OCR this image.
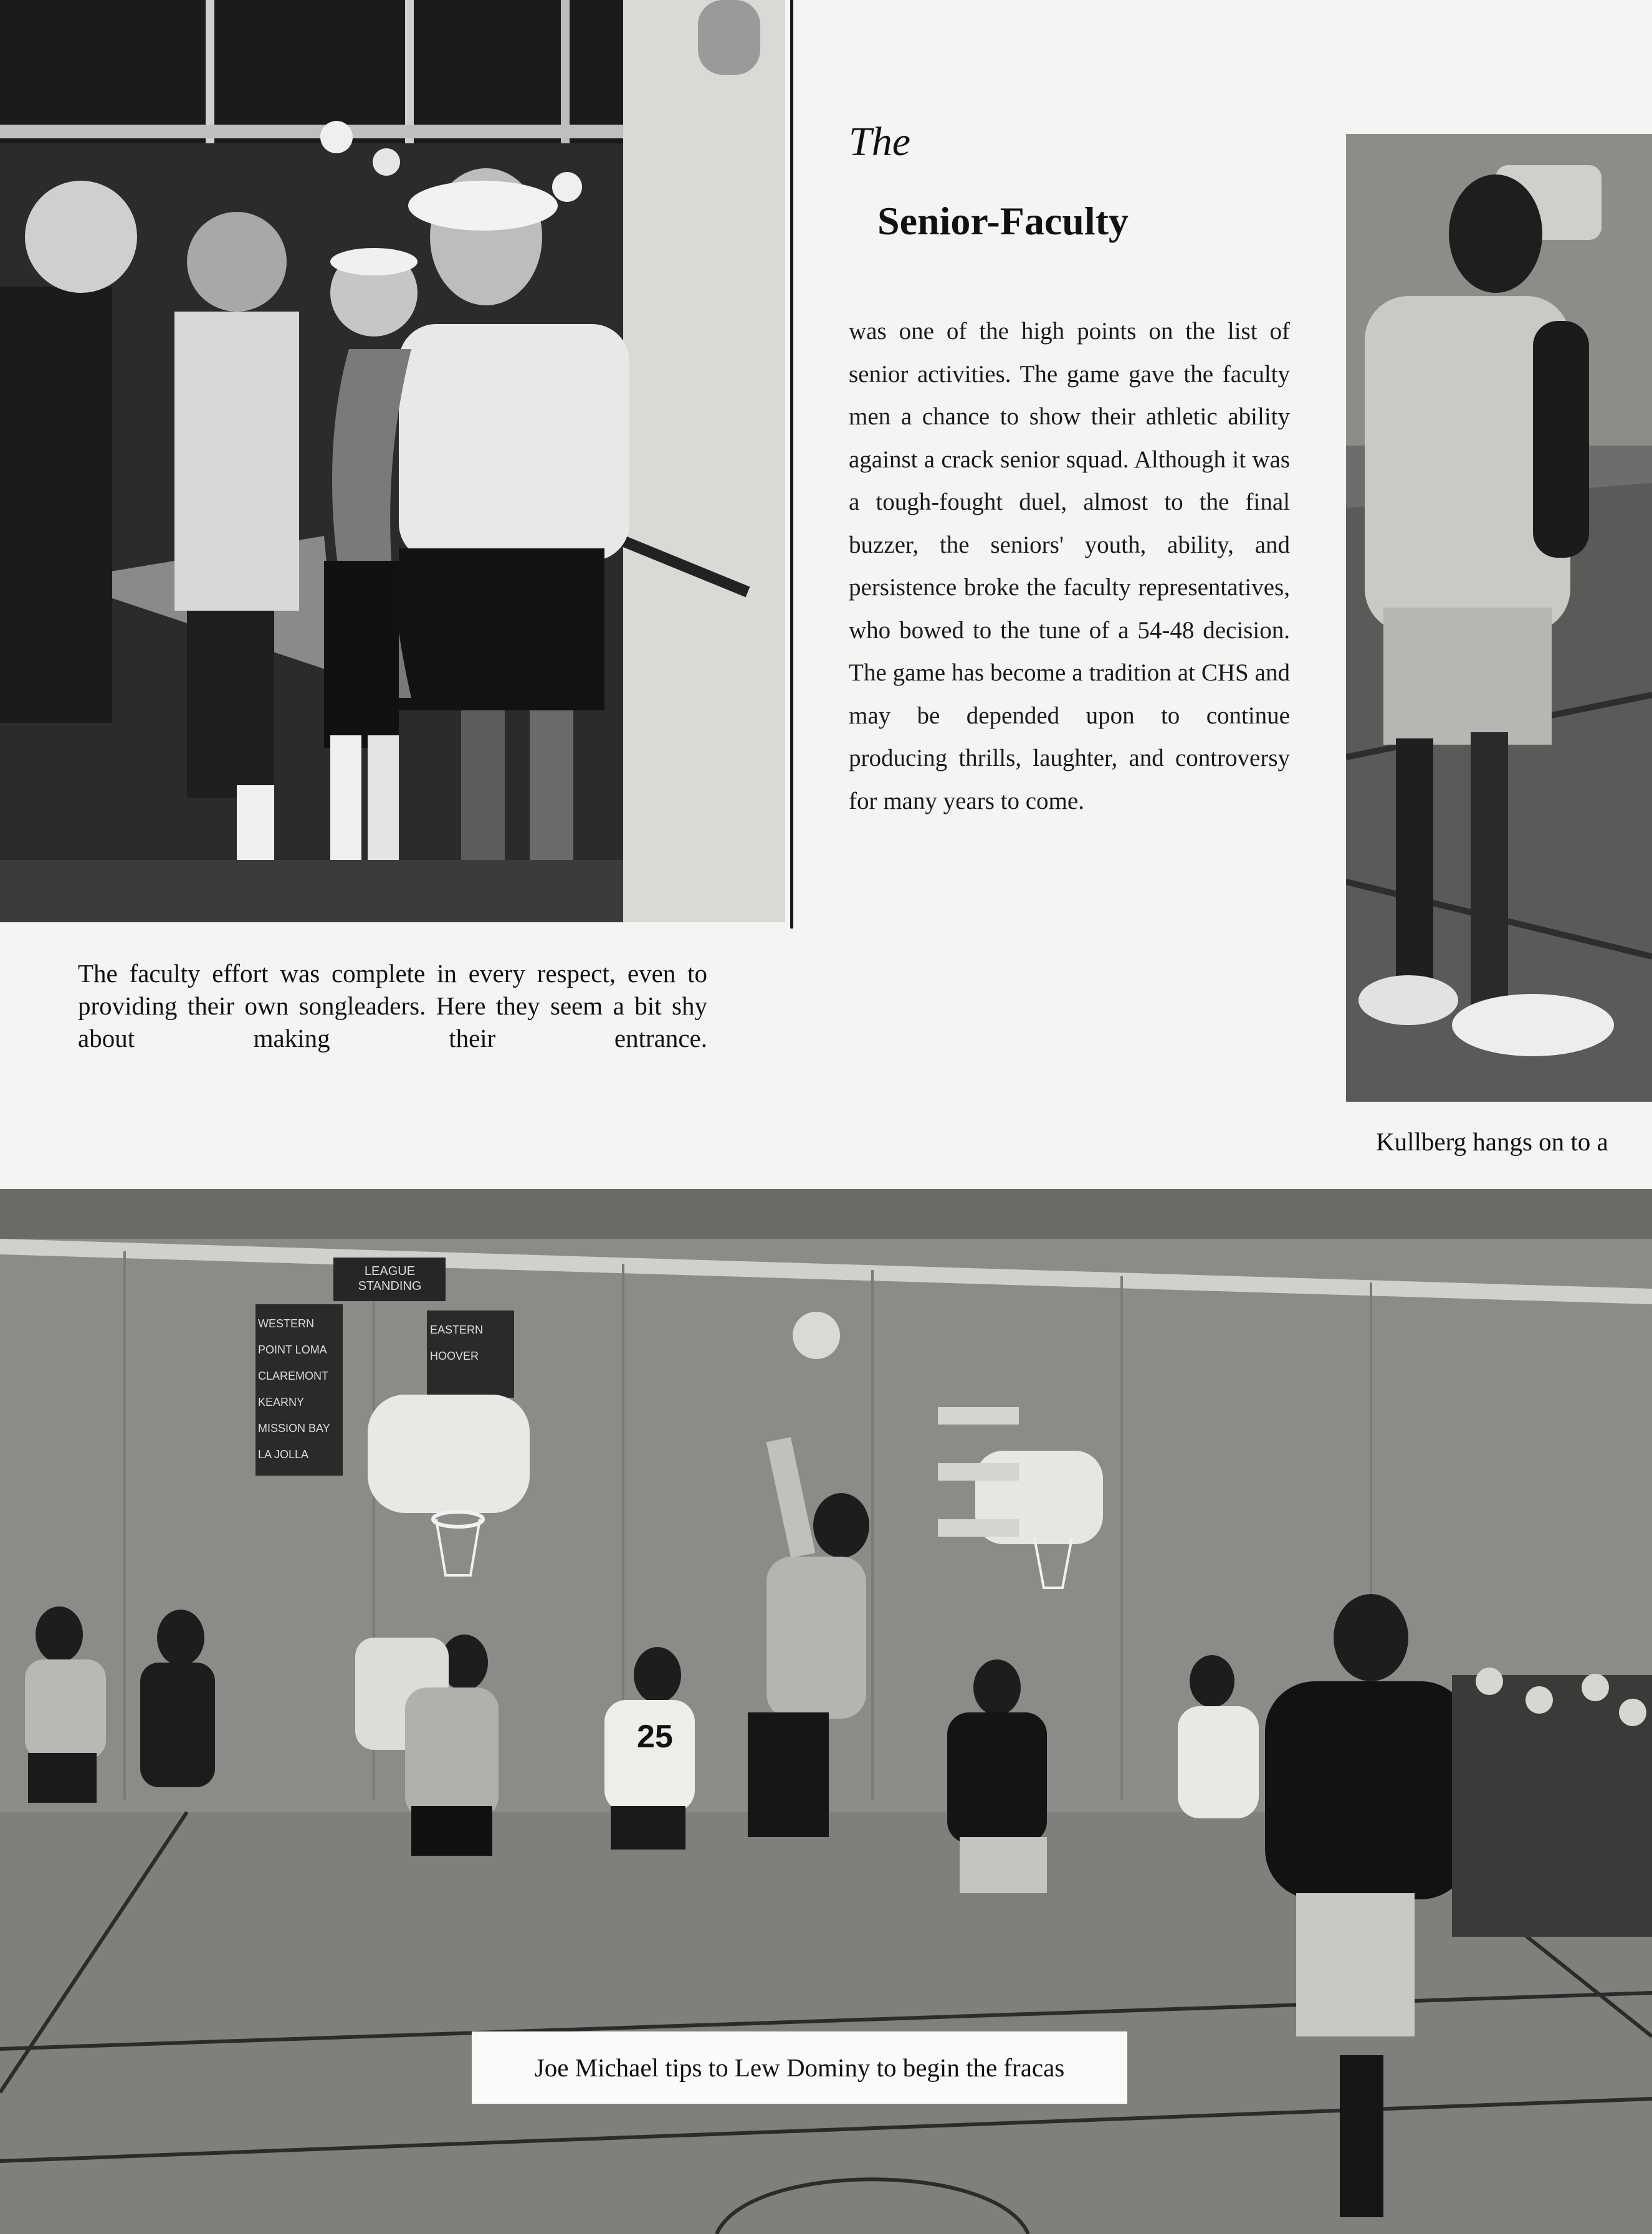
The faculty effort was complete in every respect, even to providing their own songleaders. Here they seem a bit shy about making their entrance.
The
Senior-Faculty
was one of the high points on the list of senior activities. The game gave the faculty men a chance to show their athletic ability against a crack senior squad. Although it was a tough-fought duel, almost to the final buzzer, the seniors' youth, ability, and persistence broke the faculty representatives, who bowed to the tune of a 54-48 decision. The game has become a tradition at CHS and may be depended upon to continue producing thrills, laughter, and controversy for many years to come.
Kullberg hangs on to a
25
LEAGUE STANDING
WESTERN
POINT LOMA
CLAREMONT
KEARNY
MISSION BAY
LA JOLLA
EASTERN
HOOVER
Joe Michael tips to Lew Dominy to begin the fracas
